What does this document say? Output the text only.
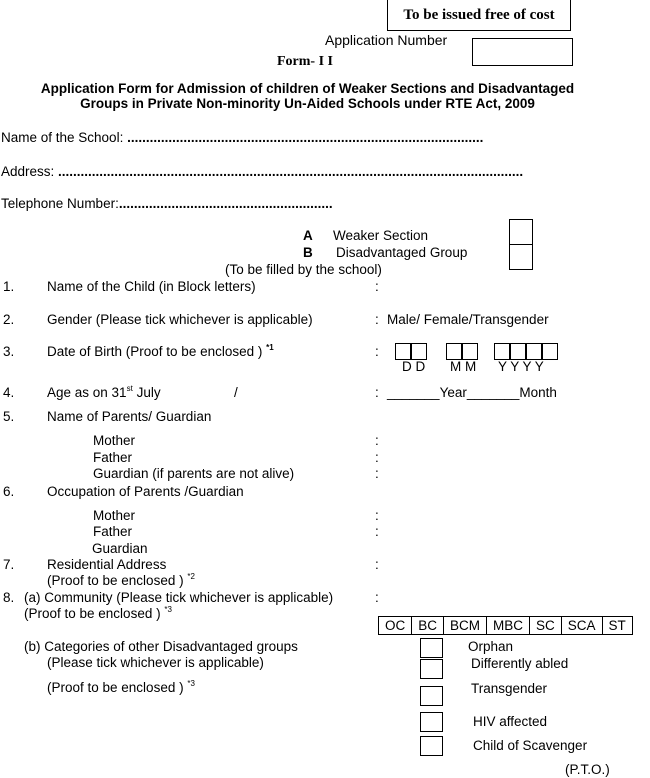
To be issued free of cost
Application Number
Form- I I
Application Form for Admission of children of Weaker Sections and Disadvantaged
Groups in Private Non-minority Un-Aided Schools under RTE Act, 2009
Name of the School: ...............................................................................................
Address: ............................................................................................................................
Telephone Number:.........................................................
A Weaker Section
B Disadvantaged Group
(To be filled by the school)
1. Name of the Child (in Block letters)	:
2. Gender (Please tick whichever is applicable)	: Male/ Female/Transgender
3. Date of Birth (Proof to be enclosed ) $^{*1}$	:
D D M M Y Y Y Y
4. Age as on 31st July	/	: _______Year_______Month
5. Name of Parents/ Guardian
Mother	:
Father	:
Guardian (if parents are not alive)	:
6. Occupation of Parents /Guardian
Mother	:
Father	:
Guardian
7. Residential Address	:
(Proof to be enclosed ) $^{*2}$
8. (a) Community (Please tick whichever is applicable)	:
(Proof to be enclosed ) $^{*3}$
OC	BC	BCM	MBC	SC	SCA	ST
(b) Categories of other Disadvantaged groups
(Please tick whichever is applicable)
(Proof to be enclosed ) $^{*3}$
Orphan
Differently abled
Transgender
HIV affected
Child of Scavenger
(P.T.O.)
